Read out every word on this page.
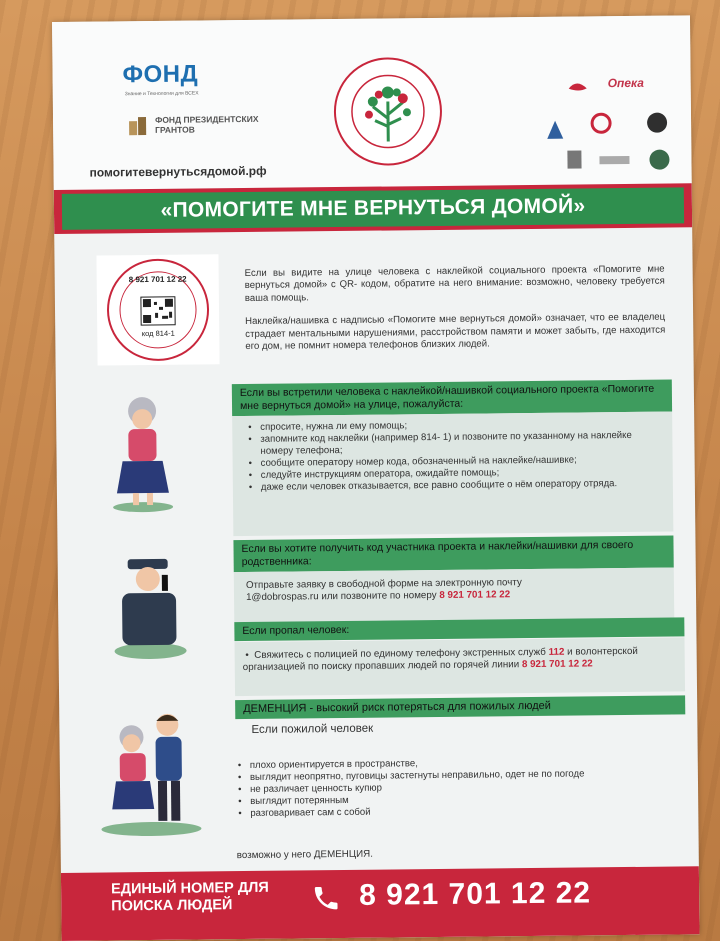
ФОНД
Знание и Технологии для ВСЕХ
ФОНД ПРЕЗИДЕНТСКИХ ГРАНТОВ
помогитевернутьсядомой.рф
Опека
«ПОМОГИТЕ МНЕ ВЕРНУТЬСЯ ДОМОЙ»
8 921 701 12 22
код 814-1

Если вы видите на улице человека с наклейкой социального проекта «Помогите мне вернуться домой» с QR- кодом, обратите на него внимание: возможно, человеку требуется ваша помощь.

Наклейка/нашивка с надписью «Помогите мне вернуться домой» означает, что ее владелец страдает ментальными нарушениями, расстройством памяти и может забыть, где находится его дом, не помнит номера телефонов близких людей.

Если вы встретили человека с наклейкой/нашивкой социального проекта «Помогите мне вернуться домой» на улице, пожалуйста:
• спросите, нужна ли ему помощь;
• запомните код наклейки (например 814- 1) и позвоните по указанному на наклейке номеру телефона;
• сообщите оператору номер кода, обозначенный на наклейке/нашивке;
• следуйте инструкциям оператора, ожидайте помощь;
• даже если человек отказывается, все равно сообщите о нём оператору отряда.
Если вы хотите получить код участника проекта и наклейки/нашивки для своего родственника:
Отправьте заявку в свободной форме на электронную почту
1@dobrospas.ru или позвоните по номеру 8 921 701 12 22
Если пропал человек:
•  Свяжитесь с полицией по единому телефону экстренных служб 112 и волонтерской организацией по поиску пропавших людей по горячей линии 8 921 701 12 22
ДЕМЕНЦИЯ - высокий риск потеряться для пожилых людей
Если пожилой человек
• плохо ориентируется в пространстве,
• выглядит неопрятно, пуговицы застегнуты неправильно, одет не по погоде
• не различает ценность купюр
• выглядит потерянным
• разговаривает сам с собой
возможно у него ДЕМЕНЦИЯ.
ЕДИНЫЙ НОМЕР ДЛЯ ПОИСКА ЛЮДЕЙ	8 921 701 12 22
